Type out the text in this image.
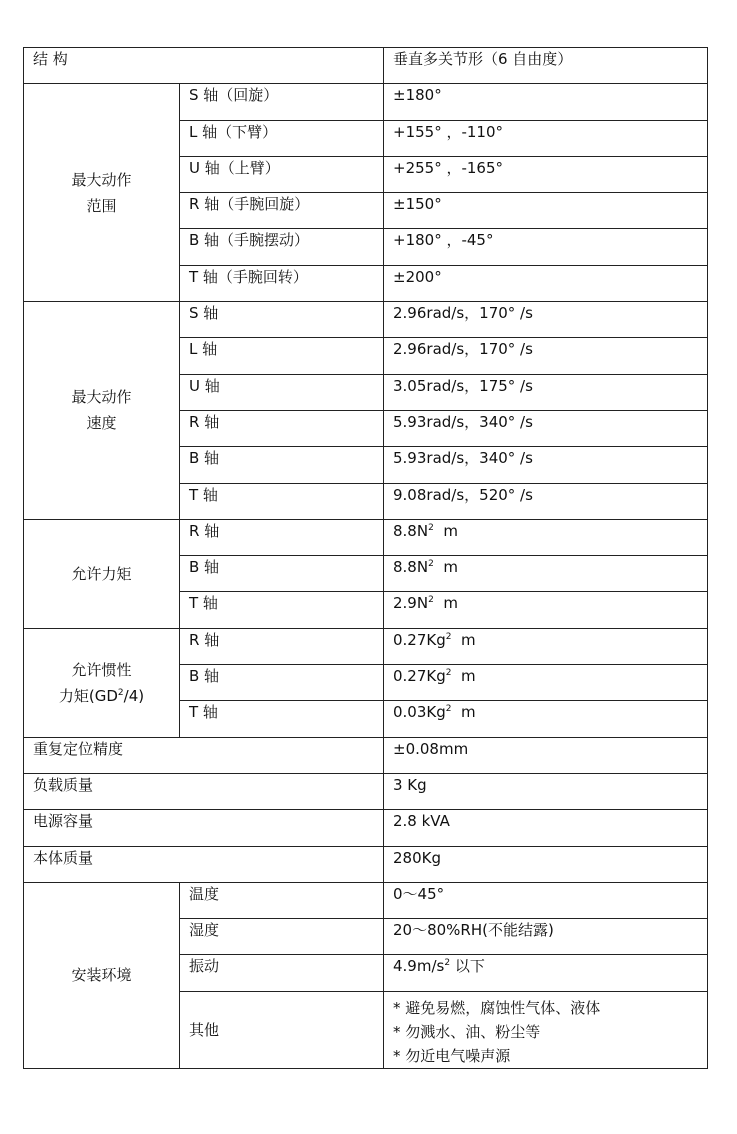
结 构		垂直多关节形（6 自由度）

最大动作
范围	S 轴（回旋）	±180°
	L 轴（下臂）	+155° ，-110°
	U 轴（上臂）	+255° ，-165°
	R 轴（手腕回旋）	±150°
	B 轴（手腕摆动）	+180° ，-45°
	T 轴（手腕回转）	±200°

最大动作
速度	S 轴	2.96rad/s，170° /s
	L 轴	2.96rad/s，170° /s
	U 轴	3.05rad/s，175° /s
	R 轴	5.93rad/s，340° /s
	B 轴	5.93rad/s，340° /s
	T 轴	9.08rad/s，520° /s
允许力矩	R 轴	$8.8N^2$  m
	B 轴	$8.8N^2$  m
	T 轴	$2.9N^2$  m

允许惯性
力矩$(GD^2/4)$	R 轴	0.27Kg$^2$  m
	B 轴	0.27Kg$^2$  m
	T 轴	0.03Kg$^2$  m
重复定位精度		±0.08mm
负载质量		3 Kg
电源容量		2.8 kVA
本体质量		280Kg
安装环境	温度	0～45°
	湿度	20～80%RH(不能结露)
	振动	$4.9m/s^2$ 以下
	其他	* 避免易燃，腐蚀性气体、液体
* 勿溅水、油、粉尘等
* 勿近电气噪声源
